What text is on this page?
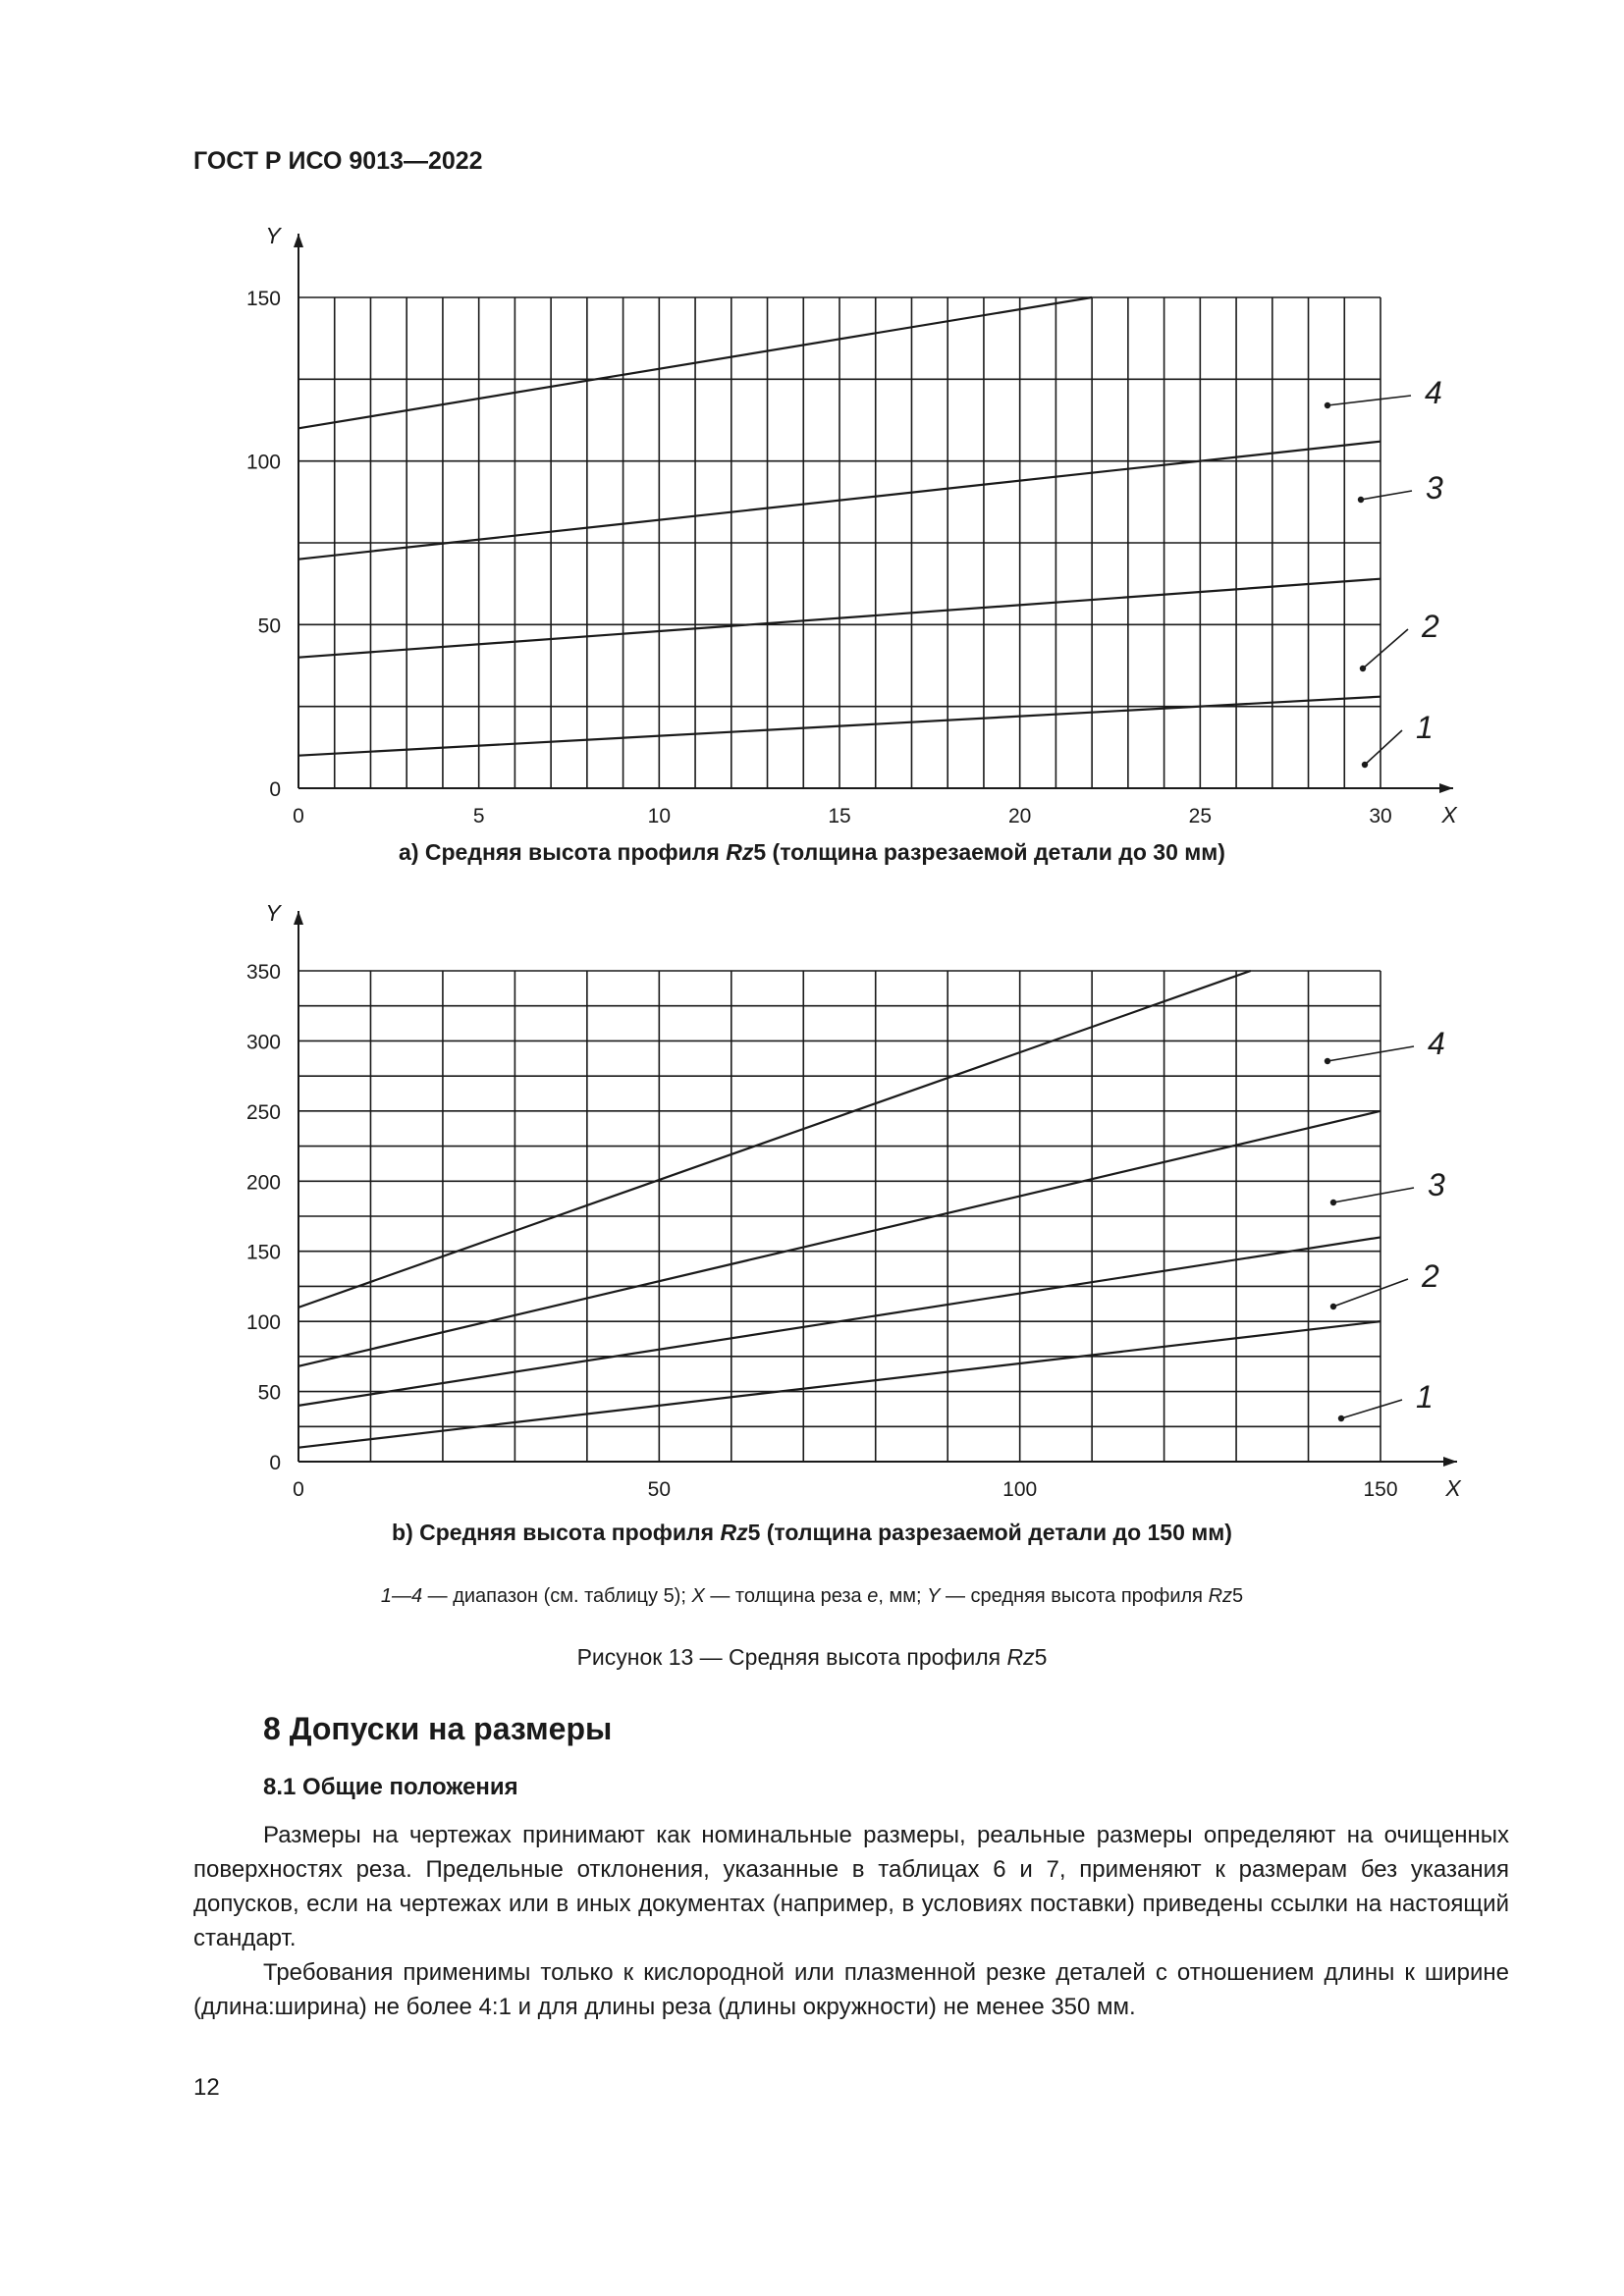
ГОСТ Р ИСО 9013—2022
0
50
100
150
0	5	10	15	20	25	30
Y
X
1
2
3
4
a) Средняя высота профиля Rz5 (толщина разрезаемой детали до 30 мм)
0
50
100
150
200
250
300
350
0	50	100	150
Y
X
1
2
3
4
b) Средняя высота профиля Rz5 (толщина разрезаемой детали до 150 мм)
1—4 — диапазон (см. таблицу 5); X — толщина реза e, мм; Y — средняя высота профиля Rz5
Рисунок 13 — Средняя высота профиля Rz5
8 Допуски на размеры
8.1 Общие положения
Размеры на чертежах принимают как номинальные размеры, реальные размеры определяют на очищенных поверхностях реза. Предельные отклонения, указанные в таблицах 6 и 7, применяют к размерам без указания допусков, если на чертежах или в иных документах (например, в условиях поставки) приведены ссылки на настоящий стандарт.
Требования применимы только к кислородной или плазменной резке деталей с отношением длины к ширине (длина:ширина) не более 4:1 и для длины реза (длины окружности) не менее 350 мм.
12
